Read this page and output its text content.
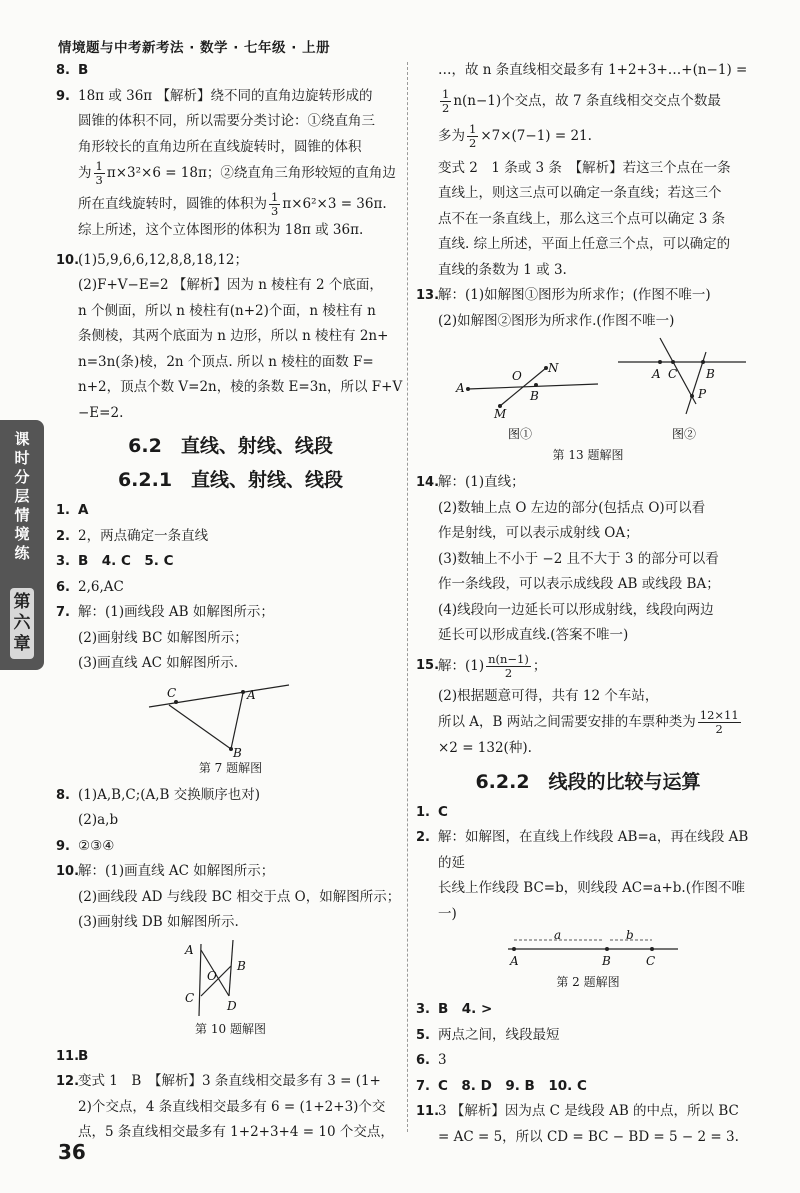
情境题与中考新考法 · 数学 · 七年级 · 上册
课时分层情境练
第六章
8. B
9. 18π 或 36π 【解析】绕不同的直角边旋转形成的
圆锥的体积不同，所以需要分类讨论：①绕直角三
角形较长的直角边所在直线旋转时，圆锥的体积
为 $\frac{1}{3} \pi\times 3^2\times 6 = 18\pi$；②绕直角三角形较短的直角边
所在直线旋转时，圆锥的体积为 $\frac{1}{3} \pi\times 6^2\times 3 = 36\pi$.
综上所述，这个立体图形的体积为 18π 或 36π.
10.
(1)5,9,6,6,12,8,8,18,12；
(2)F+V−E=2 【解析】因为 n 棱柱有 2 个底面，
n 个侧面，所以 n 棱柱有(n+2)个面，n 棱柱有 n
条侧棱，其两个底面为 n 边形，所以 n 棱柱有 2n+
n=3n(条)棱，2n 个顶点. 所以 n 棱柱的面数 F=
n+2，顶点个数 V=2n，棱的条数 E=3n，所以 F+V
−E=2.
6.2　直线、射线、线段
6.2.1　直线、射线、线段
1. A
2. 2，两点确定一条直线
3. B　4. C　5. C
6. 2,6,AC
7. 解：(1)画线段 AB 如解图所示；
(2)画射线 BC 如解图所示；
(3)画直线 AC 如解图所示.
C	A
B
第 7 题解图
8. (1)A,B,C;(A,B 交换顺序也对)
(2)a,b
9. ②③④
10.
解：(1)画直线 AC 如解图所示；
(2)画线段 AD 与线段 BC 相交于点 O，如解图所示；
(3)画射线 DB 如解图所示.
A
B
O
C
D
第 10 题解图
11.
B
12.
变式 1　B　【解析】3 条直线相交最多有 3 = (1+
2)个交点，4 条直线相交最多有 6 = (1+2+3)个交
点，5 条直线相交最多有 1+2+3+4 = 10 个交点，
…，故 n 条直线相交最多有 1+2+3+…+(n−1) =
$\frac{1}{2} n(n-1)$个交点，故 7 条直线相交交点个数最
多为 $\frac{1}{2} \times 7\times(7-1) = 21$.
变式 2　1 条或 3 条　【解析】若这三个点在一条
直线上，则这三点可以确定一条直线；若这三个
点不在一条直线上，那么这三个点可以确定 3 条
直线. 综上所述，平面上任意三个点，可以确定的
直线的条数为 1 或 3.
13.
解：(1)如解图①图形为所求作；(作图不唯一)
(2)如解图②图形为所求作.(作图不唯一)
A
M
O
N
B
图①
A C B
P
图②
第 13 题解图
14.
解：(1)直线；
(2)数轴上点 O 左边的部分(包括点 O)可以看
作是射线，可以表示成射线 OA；
(3)数轴上不小于 −2 且不大于 3 的部分可以看
作一条线段，可以表示成线段 AB 或线段 BA；
(4)线段向一边延长可以形成射线，线段向两边
延长可以形成直线.(答案不唯一)
15.
解：$(1) \frac{n(n-1)}{2}$ ；
(2)根据题意可得，共有 12 个车站，
所以 A，B 两站之间需要安排的车票种类为 $\frac{12\times 11}{2}$
×2 = 132(种).
6.2.2　线段的比较与运算
1. C
2. 解：如解图，在直线上作线段 AB=a，再在线段 AB 的延
长线上作线段 BC=b，则线段 AC=a+b.(作图不唯一)
a	b
A	B	C
第 2 题解图
3. B　4. >
5. 两点之间，线段最短
6. 3
7. C　8. D　9. B　10. C
11.
3 【解析】因为点 C 是线段 AB 的中点，所以 BC
= AC = 5，所以 CD = BC − BD = 5 − 2 = 3.
36
